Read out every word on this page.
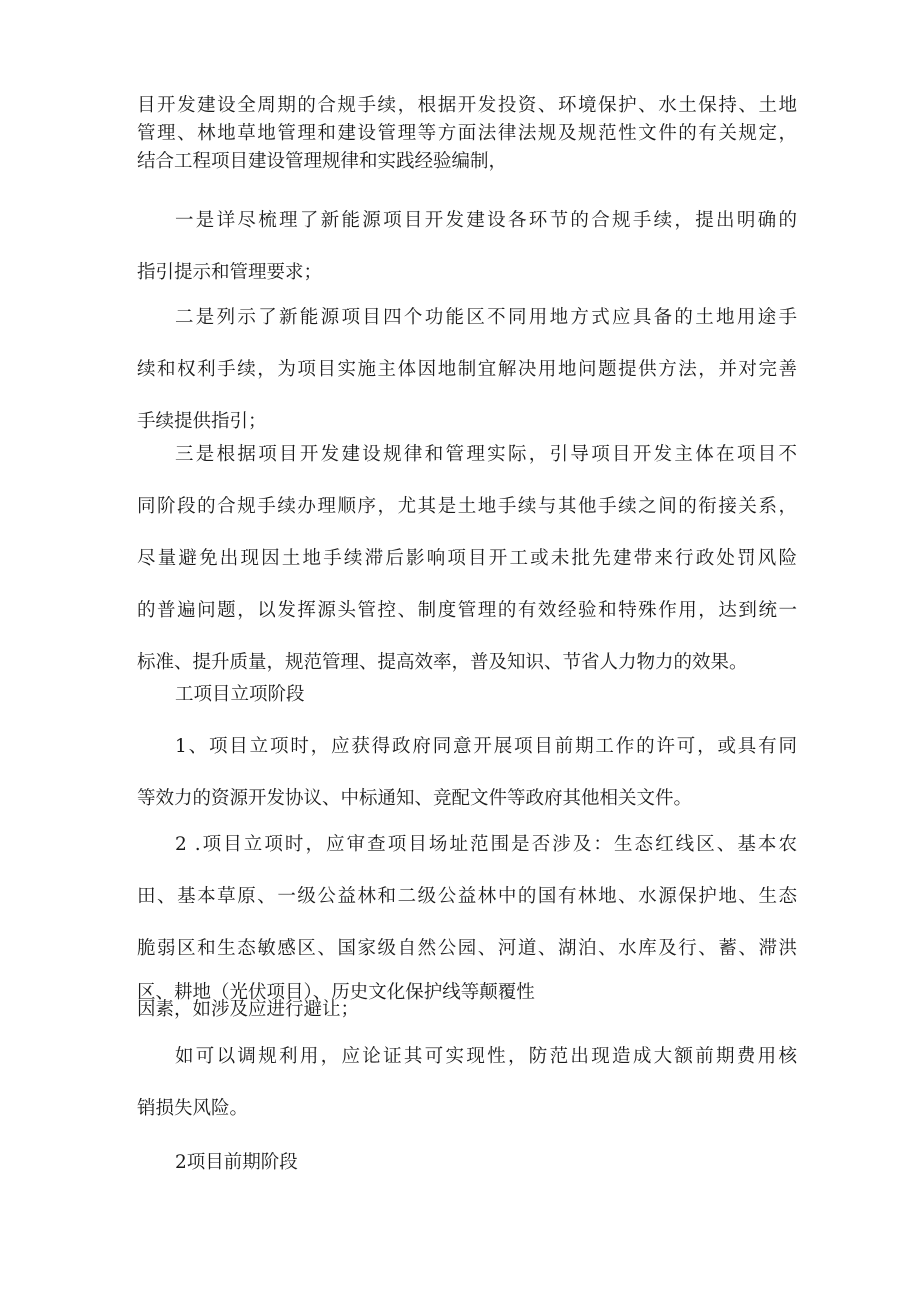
目开发建设全周期的合规手续，根据开发投资、环境保护、水土保持、土地
管理、林地草地管理和建设管理等方面法律法规及规范性文件的有关规定，
结合工程项目建设管理规律和实践经验编制，
一是详尽梳理了新能源项目开发建设各环节的合规手续，提出明确的
指引提示和管理要求；
二是列示了新能源项目四个功能区不同用地方式应具备的土地用途手
续和权利手续，为项目实施主体因地制宜解决用地问题提供方法，并对完善
手续提供指引；
三是根据项目开发建设规律和管理实际，引导项目开发主体在项目不
同阶段的合规手续办理顺序，尤其是土地手续与其他手续之间的衔接关系，
尽量避免出现因土地手续滞后影响项目开工或未批先建带来行政处罚风险
的普遍问题，以发挥源头管控、制度管理的有效经验和特殊作用，达到统一
标准、提升质量，规范管理、提高效率，普及知识、节省人力物力的效果。
工项目立项阶段
1、项目立项时，应获得政府同意开展项目前期工作的许可，或具有同
等效力的资源开发协议、中标通知、竞配文件等政府其他相关文件。
2 .项目立项时，应审查项目场址范围是否涉及：生态红线区、基本农
田、基本草原、一级公益林和二级公益林中的国有林地、水源保护地、生态
脆弱区和生态敏感区、国家级自然公园、河道、湖泊、水库及行、蓄、滞洪
区、耕地（光伏项目）、历史文化保护线等颠覆性
因素，如涉及应进行避让；
如可以调规利用，应论证其可实现性，防范出现造成大额前期费用核
销损失风险。
2项目前期阶段
